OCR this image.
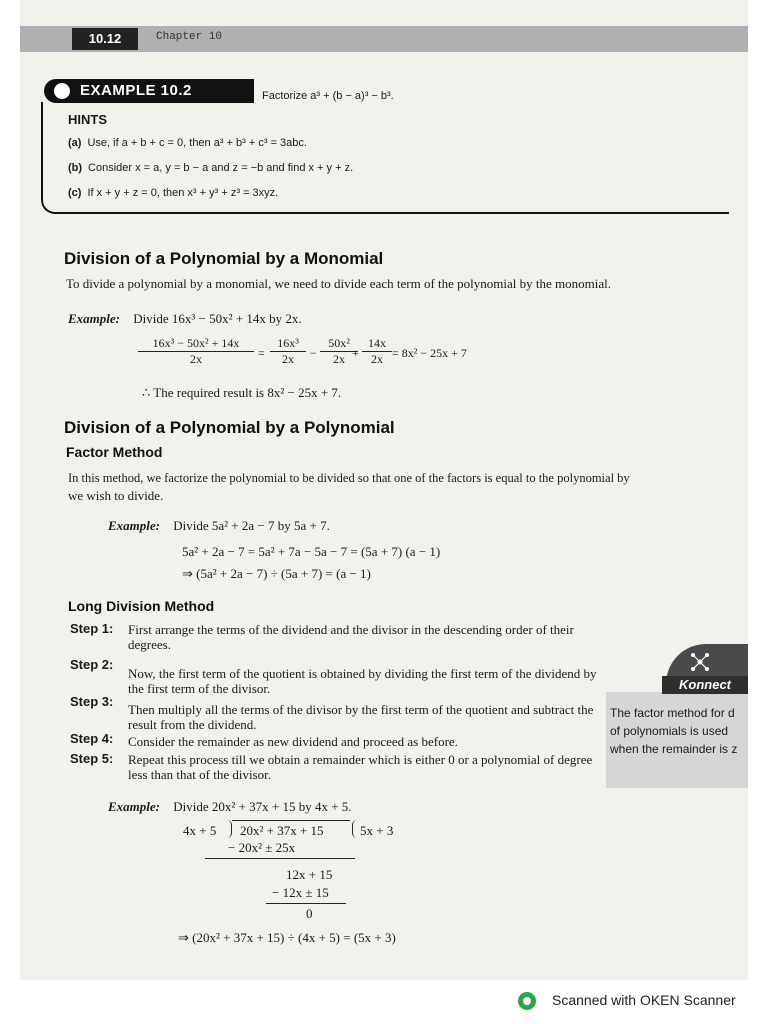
10.12	Chapter 10
EXAMPLE 10.2	Factorize a³ + (b − a)³ − b³.
HINTS
(a) Use, if a + b + c = 0, then a³ + b³ + c³ = 3abc.
(b) Consider x = a, y = b − a and z = −b and find x + y + z.
(c) If x + y + z = 0, then x³ + y³ + z³ = 3xyz.
Division of a Polynomial by a Monomial
To divide a polynomial by a monomial, we need to divide each term of the polynomial by the monomial.
Example: Divide 16x³ − 50x² + 14x by 2x.
$\frac{\text{16x³ − 50x² + 14x}}{2x} = \frac{\text{16x³}}{2x} - \frac{\text{50x²}}{2x}$
+ $\frac{14x}{2x} = 8x^2 - 25x + 7$
∴ The required result is 8x² − 25x + 7.
Division of a Polynomial by a Polynomial
Factor Method
In this method, we factorize the polynomial to be divided so that one of the factors is equal to the polynomial by
we wish to divide.
Example: Divide 5a² + 2a − 7 by 5a + 7.
5a² + 2a − 7 = 5a² + 7a − 5a − 7 = (5a + 7) (a − 1)
⇒ (5a² + 2a − 7) ÷ (5a + 7) = (a − 1)
Long Division Method
Step 1: First arrange the terms of the dividend and the divisor in the descending order of their degrees.
Step 2:
Now, the first term of the quotient is obtained by dividing the first term of the dividend by the first term of the divisor.
Step 3:
Then multiply all the terms of the divisor by the first term of the quotient and subtract the result from the dividend.
Step 4: Consider the remainder as new dividend and proceed as before.
Step 5: Repeat this process till we obtain a remainder which is either 0 or a polynomial of degree less than that of the divisor.
Konnect
The factor method for d
of polynomials is used
when the remainder is z
Example: Divide 20x² + 37x + 15 by 4x + 5.
4x + 5 20x² + 37x + 15	5x + 3
− 20x² ± 25x
12x + 15
− 12x ± 15
0
⇒ (20x² + 37x + 15) ÷ (4x + 5) = (5x + 3)
Scanned with OKEN Scanner
